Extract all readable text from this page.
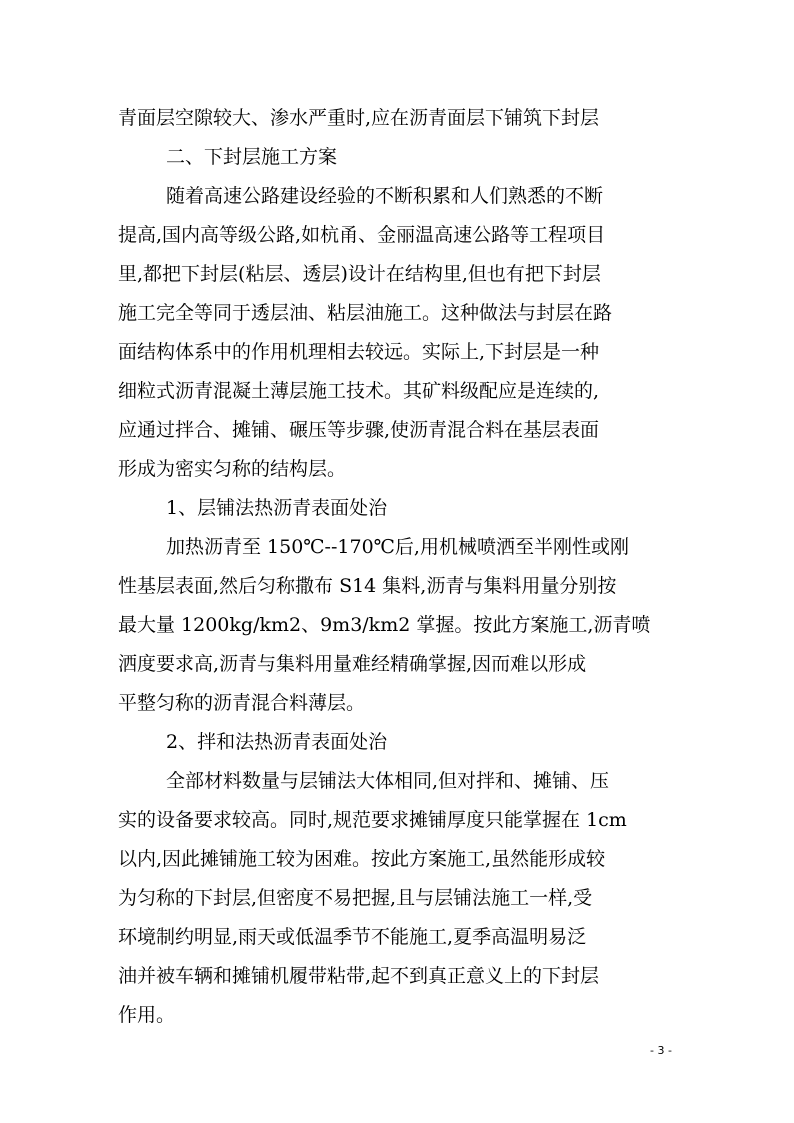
青面层空隙较大、渗水严重时,应在沥青面层下铺筑下封层
二、下封层施工方案
随着高速公路建设经验的不断积累和人们熟悉的不断
提高,国内高等级公路,如杭甬、金丽温高速公路等工程项目
里,都把下封层(粘层、透层)设计在结构里,但也有把下封层
施工完全等同于透层油、粘层油施工。这种做法与封层在路
面结构体系中的作用机理相去较远。实际上,下封层是一种
细粒式沥青混凝土薄层施工技术。其矿料级配应是连续的,
应通过拌合、摊铺、碾压等步骤,使沥青混合料在基层表面
形成为密实匀称的结构层。
1、层铺法热沥青表面处治
加热沥青至 150℃--170℃后,用机械喷洒至半刚性或刚
性基层表面,然后匀称撒布 S14 集料,沥青与集料用量分别按
最大量 1200kg/km2、9m3/km2 掌握。按此方案施工,沥青喷
洒度要求高,沥青与集料用量难经精确掌握,因而难以形成
平整匀称的沥青混合料薄层。
2、拌和法热沥青表面处治
全部材料数量与层铺法大体相同,但对拌和、摊铺、压
实的设备要求较高。同时,规范要求摊铺厚度只能掌握在 1cm
以内,因此摊铺施工较为困难。按此方案施工,虽然能形成较
为匀称的下封层,但密度不易把握,且与层铺法施工一样,受
环境制约明显,雨天或低温季节不能施工,夏季高温明易泛
油并被车辆和摊铺机履带粘带,起不到真正意义上的下封层
作用。
- 3 -
